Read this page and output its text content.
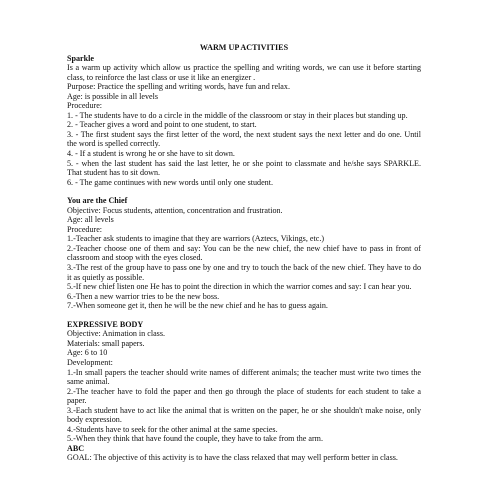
WARM UP ACTIVITIES
Sparkle

Is a warm up activity which allow us practice the spelling and writing words, we can use it before starting class, to reinforce the last class or use it like an energizer .

Purpose: Practice the spelling and writing words, have fun and relax.

Age: is possible in all levels

Procedure:

1. - The students have to do a circle in the middle of the classroom or stay in their places but standing up.

2. - Teacher gives a word and point to one student, to start.

3. - The first student says the first letter of the word, the next student says the next letter and do one. Until the word is spelled correctly.

4. - If a student is wrong he or she have to sit down.

5. - when the last student has said the last letter, he or she point to classmate and he/she says SPARKLE. That student has to sit down.

6. - The game continues with new words until only one student.

You are the Chief

Objective: Focus students, attention, concentration and frustration.

Age: all levels

Procedure:

1.-Teacher ask students to imagine that they are warriors (Aztecs, Vikings, etc.)

2.-Teacher choose one of them and say: You can be the new chief, the new chief have to pass in front of classroom and stoop with the eyes closed.

3.-The rest of the group have to pass one by one and try to touch the back of the new chief. They have to do it as quietly as possible.

5.-If new chief listen one He has to point the direction in which the warrior comes and say: I can hear you.

6.-Then a new warrior tries to be the new boss.

7.-When someone get it, then he will be the new chief and he has to guess again.

EXPRESSIVE BODY

Objective: Animation in class.

Materials: small papers.

Age: 6 to 10

Development:

1.-In small papers the teacher should write names of different animals; the teacher must write two times the same animal.

2.-The teacher have to fold the paper and then go through the place of students for each student to take a paper.

3.-Each student have to act like the animal that is written on the paper, he or she shouldn't make noise, only body expression.

4.-Students have to seek for the other animal at the same species.

5.-When they think that have found the couple, they have to take from the arm.

ABC

GOAL: The objective of this activity is to have the class relaxed that may well perform better in class.
